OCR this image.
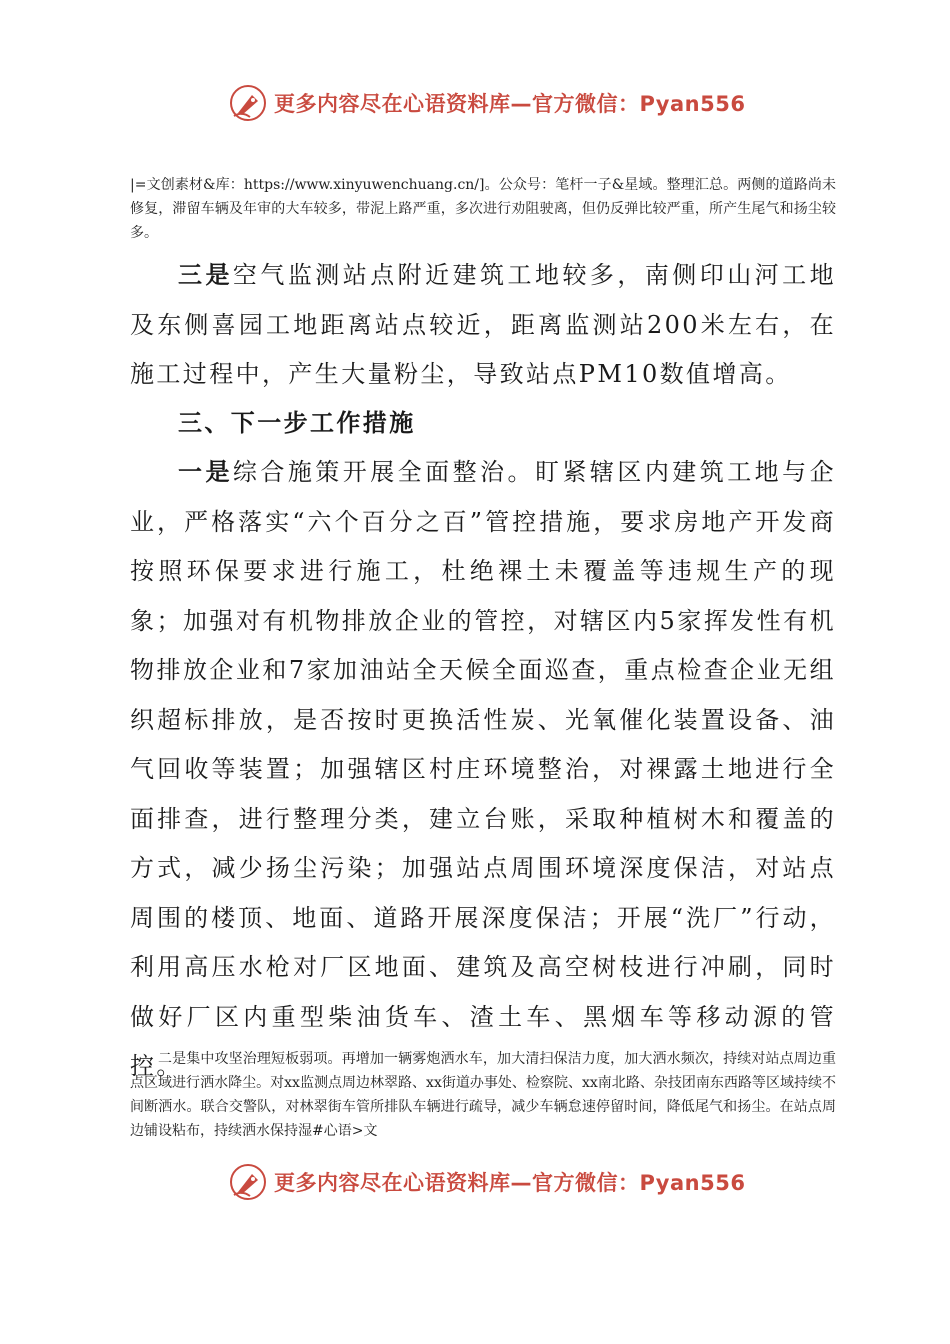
更多内容尽在心语资料库—官方微信：Pyan556
|=文创素材&库：https://www.xinyuwenchuang.cn/]。公众号：笔杆一子&星域。整理汇总。两侧的道路尚未修复，滞留车辆及年审的大车较多，带泥上路严重，多次进行劝阻驶离，但仍反弹比较严重，所产生尾气和扬尘较多。

三是空气监测站点附近建筑工地较多，南侧印山河工地及东侧喜园工地距离站点较近，距离监测站200米左右，在施工过程中，产生大量粉尘，导致站点PM10数值增高。

三、下一步工作措施

一是综合施策开展全面整治。盯紧辖区内建筑工地与企业，严格落实“六个百分之百”管控措施，要求房地产开发商按照环保要求进行施工，杜绝裸土未覆盖等违规生产的现象；加强对有机物排放企业的管控，对辖区内5家挥发性有机物排放企业和7家加油站全天候全面巡查，重点检查企业无组织超标排放，是否按时更换活性炭、光氧催化装置设备、油气回收等装置；加强辖区村庄环境整治，对裸露土地进行全面排查，进行整理分类，建立台账，采取种植树木和覆盖的方式，减少扬尘污染；加强站点周围环境深度保洁，对站点周围的楼顶、地面、道路开展深度保洁；开展“洗厂”行动，利用高压水枪对厂区地面、建筑及高空树枝进行冲刷，同时做好厂区内重型柴油货车、渣土车、黑烟车等移动源的管控。

二是集中攻坚治理短板弱项。再增加一辆雾炮洒水车，加大清扫保洁力度，加大洒水频次，持续对站点周边重点区域进行洒水降尘。对xx监测点周边林翠路、xx街道办事处、检察院、xx南北路、杂技团南东西路等区域持续不间断洒水。联合交警队，对林翠街车管所排队车辆进行疏导，减少车辆怠速停留时间，降低尾气和扬尘。在站点周边铺设粘布，持续洒水保持湿#心语>文
更多内容尽在心语资料库—官方微信：Pyan556
